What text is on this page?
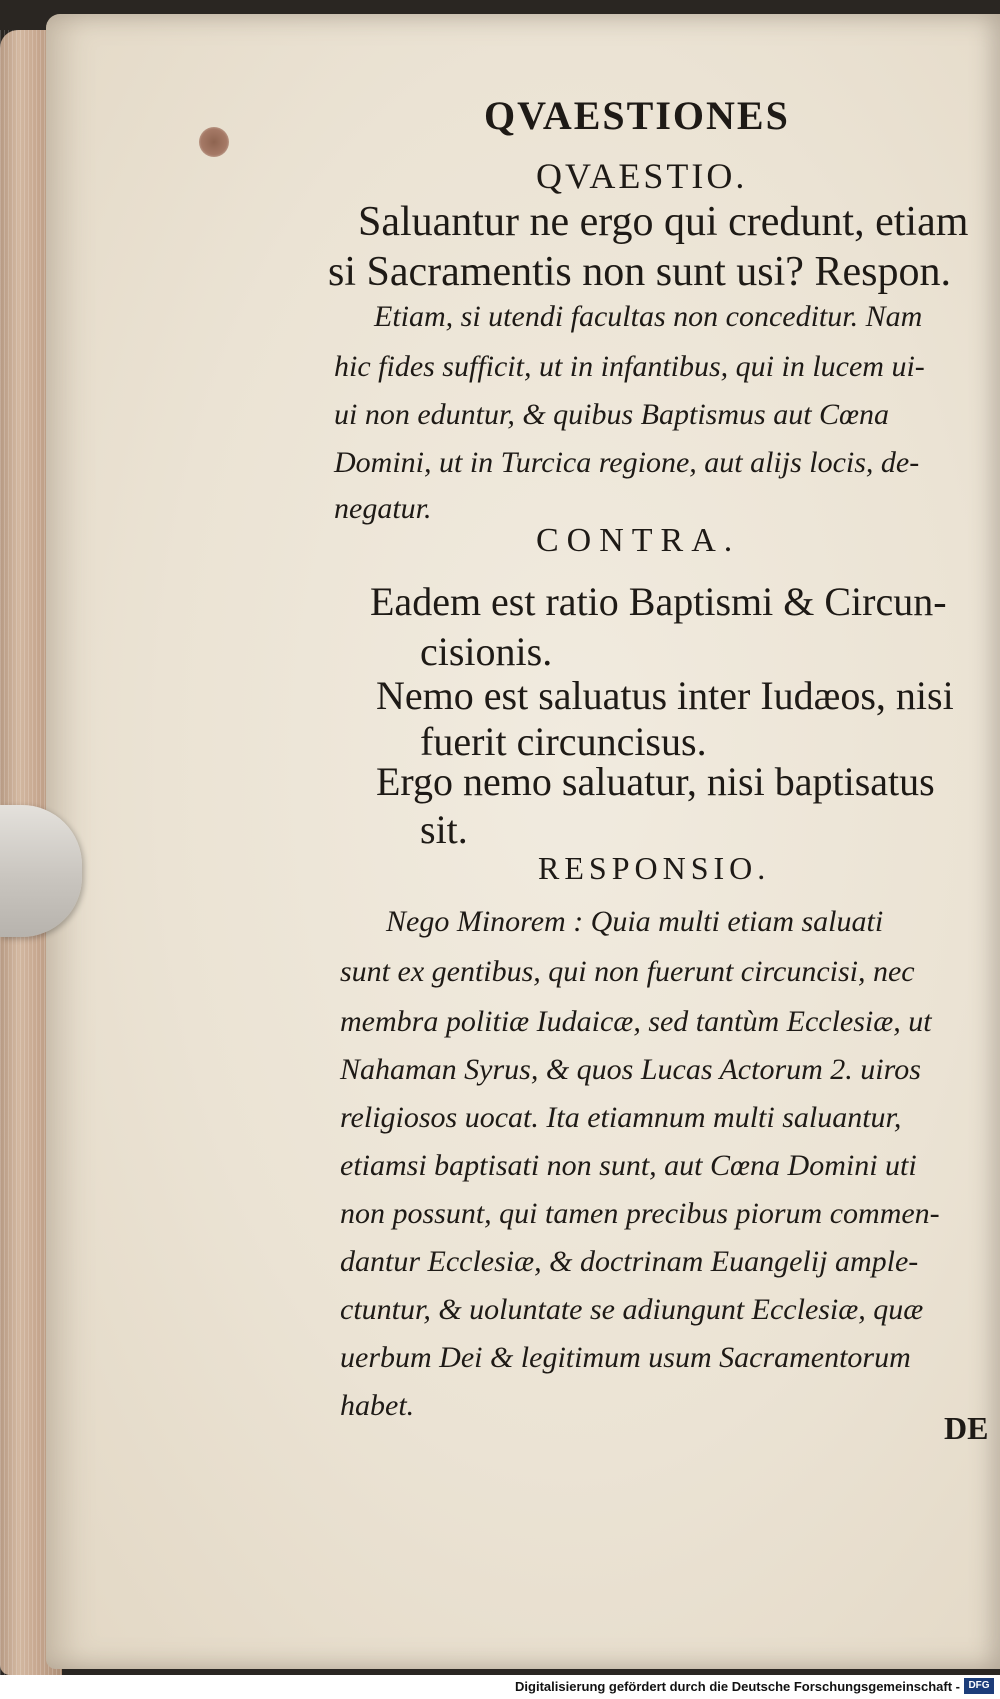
QVAESTIONES

QVAESTIO.

Saluantur ne ergo qui credunt, etiam

si Sacramentis non sunt usi? Respon.

Etiam, si utendi facultas non conceditur. Nam

hic fides sufficit, ut in infantibus, qui in lucem ui-

ui non eduntur, & quibus Baptismus aut Cœna

Domini, ut in Turcica regione, aut alijs locis, de-

negatur.

CONTRA.

Eadem est ratio Baptismi & Circun-

cisionis.

Nemo est saluatus inter Iudæos, nisi

fuerit circuncisus.

Ergo nemo saluatur, nisi baptisatus

sit.

RESPONSIO.

Nego Minorem : Quia multi etiam saluati

sunt ex gentibus, qui non fuerunt circuncisi, nec

membra politiæ Iudaicæ, sed tantùm Ecclesiæ, ut

Nahaman Syrus, & quos Lucas Actorum 2. uiros

religiosos uocat. Ita etiamnum multi saluantur,

etiamsi baptisati non sunt, aut Cœna Domini uti

non possunt, qui tamen precibus piorum commen-

dantur Ecclesiæ, & doctrinam Euangelij ample-

ctuntur, & uoluntate se adiungunt Ecclesiæ, quæ

uerbum Dei & legitimum usum Sacramentorum

habet.

DE

Digitalisierung gefördert durch die Deutsche Forschungsgemeinschaft - DFG
